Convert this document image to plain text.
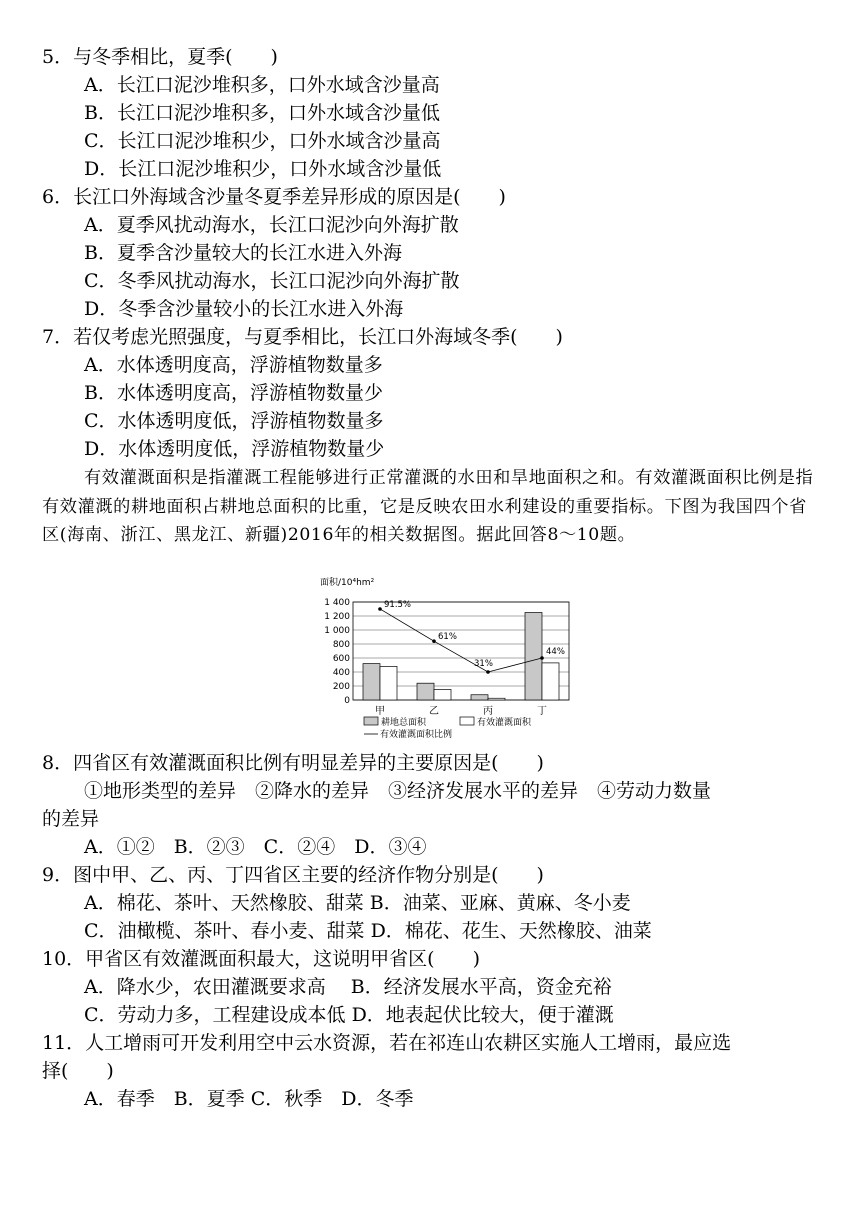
5．与冬季相比，夏季(　　)
A．长江口泥沙堆积多，口外水域含沙量高
B．长江口泥沙堆积多，口外水域含沙量低
C．长江口泥沙堆积少，口外水域含沙量高
D．长江口泥沙堆积少，口外水域含沙量低
6．长江口外海域含沙量冬夏季差异形成的原因是(　　)
A．夏季风扰动海水，长江口泥沙向外海扩散
B．夏季含沙量较大的长江水进入外海
C．冬季风扰动海水，长江口泥沙向外海扩散
D．冬季含沙量较小的长江水进入外海
7．若仅考虑光照强度，与夏季相比，长江口外海域冬季(　　)
A．水体透明度高，浮游植物数量多
B．水体透明度高，浮游植物数量少
C．水体透明度低，浮游植物数量多
D．水体透明度低，浮游植物数量少
有效灌溉面积是指灌溉工程能够进行正常灌溉的水田和旱地面积之和。有效灌溉面积比例是指有效灌溉的耕地面积占耕地总面积的比重，它是反映农田水利建设的重要指标。下图为我国四个省区(海南、浙江、黑龙江、新疆)2016年的相关数据图。据此回答8～10题。
面积/10⁴hm²
1 400
1 200
1 000
800
600
400
200
0
91.5%
61%
31%
44%
甲	乙	丙	丁
耕地总面积	有效灌溉面积
有效灌溉面积比例
8．四省区有效灌溉面积比例有明显差异的主要原因是(　　)
①地形类型的差异　②降水的差异　③经济发展水平的差异　④劳动力数量
的差异
A．①②　B．②③　C．②④　D．③④
9．图中甲、乙、丙、丁四省区主要的经济作物分别是(　　)
A．棉花、茶叶、天然橡胶、甜菜 B．油菜、亚麻、黄麻、冬小麦
C．油橄榄、茶叶、春小麦、甜菜 D．棉花、花生、天然橡胶、油菜
10．甲省区有效灌溉面积最大，这说明甲省区(　　)
A．降水少，农田灌溉要求高　 B．经济发展水平高，资金充裕
C．劳动力多，工程建设成本低 D．地表起伏比较大，便于灌溉
11．人工增雨可开发利用空中云水资源，若在祁连山农耕区实施人工增雨，最应选
择(　　)
A．春季　B．夏季 C．秋季　D．冬季
